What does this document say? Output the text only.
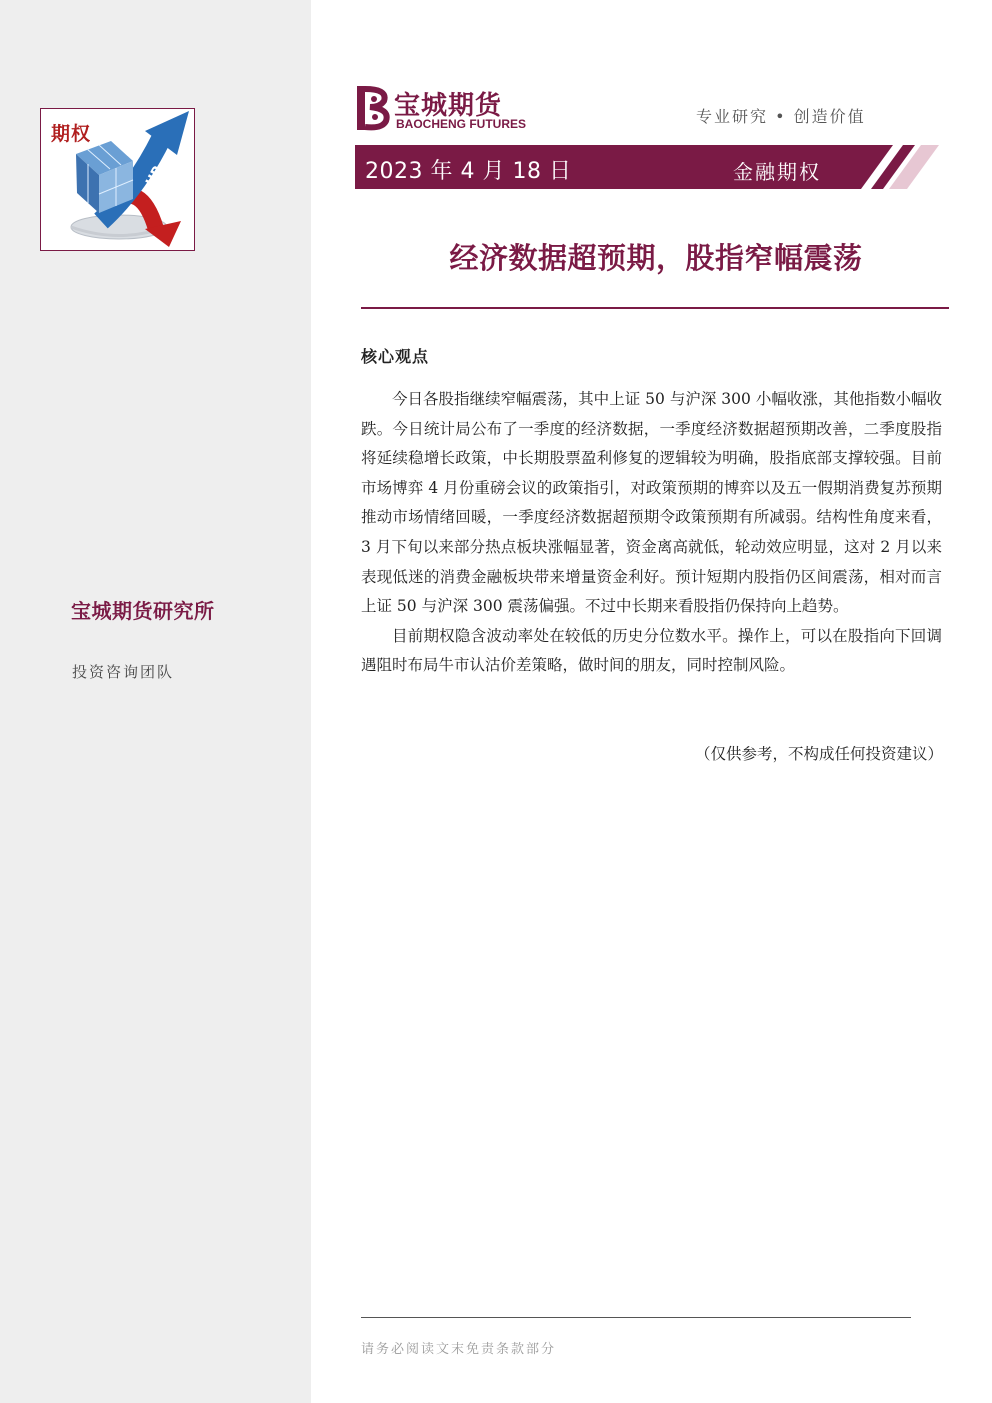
UP
期权
宝城期货研究所
投资咨询团队
宝城期货
BAOCHENG FUTURES	专业研究 • 创造价值
2023 年 4 月 18 日	金融期权
经济数据超预期，股指窄幅震荡
核心观点

今日各股指继续窄幅震荡，其中上证 50 与沪深 300 小幅收涨，其他指数小幅收跌。今日统计局公布了一季度的经济数据，一季度经济数据超预期改善，二季度股指将延续稳增长政策，中长期股票盈利修复的逻辑较为明确，股指底部支撑较强。目前市场博弈 4 月份重磅会议的政策指引，对政策预期的博弈以及五一假期消费复苏预期推动市场情绪回暖，一季度经济数据超预期令政策预期有所减弱。结构性角度来看，3 月下旬以来部分热点板块涨幅显著，资金离高就低，轮动效应明显，这对 2 月以来表现低迷的消费金融板块带来增量资金利好。预计短期内股指仍区间震荡，相对而言上证 50 与沪深 300 震荡偏强。不过中长期来看股指仍保持向上趋势。

目前期权隐含波动率处在较低的历史分位数水平。操作上，可以在股指向下回调遇阻时布局牛市认沽价差策略，做时间的朋友，同时控制风险。

（仅供参考，不构成任何投资建议）
请务必阅读文末免责条款部分
